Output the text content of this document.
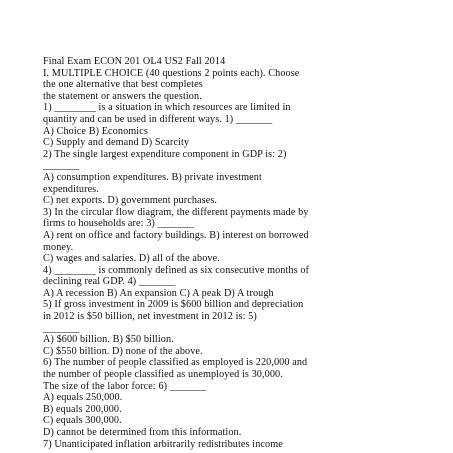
Final Exam ECON 201 OL4 US2 Fall 2014
I. MULTIPLE CHOICE (40 questions 2 points each). Choose
the one alternative that best completes
the statement or answers the question.
1) ________ is a situation in which resources are limited in
quantity and can be used in different ways. 1) _______
A) Choice B) Economics
C) Supply and demand D) Scarcity
2) The single largest expenditure component in GDP is: 2)
_______
A) consumption expenditures. B) private investment
expenditures.
C) net exports. D) government purchases.
3) In the circular flow diagram, the different payments made by
firms to households are: 3) _______
A) rent on office and factory buildings. B) interest on borrowed
money.
C) wages and salaries. D) all of the above.
4) ________ is commonly defined as six consecutive months of
declining real GDP. 4) _______
A) A recession B) An expansion C) A peak D) A trough
5) If gross investment in 2009 is $600 billion and depreciation
in 2012 is $50 billion, net investment in 2012 is: 5)
_______
A) $600 billion. B) $50 billion.
C) $550 billion. D) none of the above.
6) The number of people classified as employed is 220,000 and
the number of people classified as unemployed is 30,000.
The size of the labor force: 6) _______
A) equals 250,000.
B) equals 200,000.
C) equals 300,000.
D) cannot be determined from this information.
7) Unanticipated inflation arbitrarily redistributes income
